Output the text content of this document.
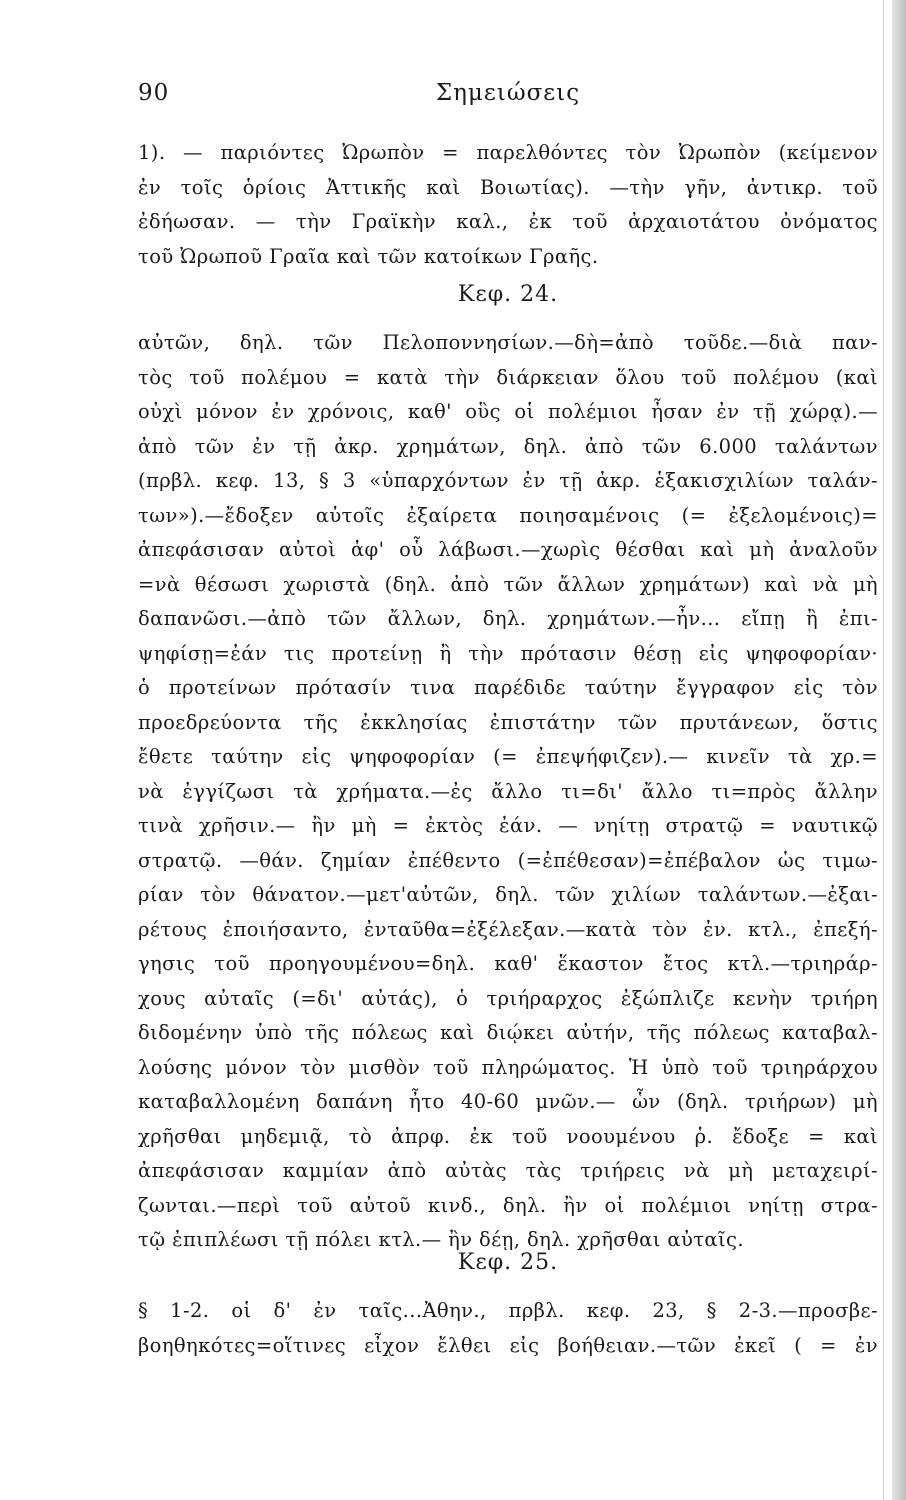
90	Σημειώσεις
1). — παριόντες Ὠρωπὸν = παρελθόντες τὸν Ὠρωπὸν (κείμενον
ἐν τοῖς ὁρίοις Ἀττικῆς καὶ Βοιωτίας). —τὴν γῆν, ἀντικρ. τοῦ
ἐδήωσαν. — τὴν Γραϊκὴν καλ., ἐκ τοῦ ἀρχαιοτάτου ὀνόματος
τοῦ Ὠρωποῦ Γραῖα καὶ τῶν κατοίκων Γραῆς.
Κεφ. 24.
αὐτῶν, δηλ. τῶν Πελοποννησίων.—δὴ=ἀπὸ τοῦδε.—διὰ παν-
τὸς τοῦ πολέμου = κατὰ τὴν διάρκειαν ὅλου τοῦ πολέμου (καὶ
οὐχὶ μόνον ἐν χρόνοις, καθ' οὓς οἱ πολέμιοι ἦσαν ἐν τῇ χώρᾳ).—
ἀπὸ τῶν ἐν τῇ ἀκρ. χρημάτων, δηλ. ἀπὸ τῶν 6.000 ταλάντων
(πρβλ. κεφ. 13, § 3 «ὑπαρχόντων ἐν τῇ ἀκρ. ἑξακισχιλίων ταλάν-
των»).—ἔδοξεν αὐτοῖς ἐξαίρετα ποιησαμένοις (= ἐξελομένοις)=
ἀπεφάσισαν αὐτοὶ ἀφ' οὗ λάβωσι.—χωρὶς θέσθαι καὶ μὴ ἀναλοῦν
=νὰ θέσωσι χωριστὰ (δηλ. ἀπὸ τῶν ἄλλων χρημάτων) καὶ νὰ μὴ
δαπανῶσι.—ἀπὸ τῶν ἄλλων, δηλ. χρημάτων.—ἦν... εἴπῃ ἢ ἐπι-
ψηφίσῃ=ἐάν τις προτείνῃ ἢ τὴν πρότασιν θέσῃ εἰς ψηφοφορίαν·
ὁ προτείνων πρότασίν τινα παρέδιδε ταύτην ἔγγραφον εἰς τὸν
προεδρεύοντα τῆς ἐκκλησίας ἐπιστάτην τῶν πρυτάνεων, ὅστις
ἔθετε ταύτην εἰς ψηφοφορίαν (= ἐπεψήφιζεν).— κινεῖν τὰ χρ.=
νὰ ἐγγίζωσι τὰ χρήματα.—ἐς ἄλλο τι=δι' ἄλλο τι=πρὸς ἄλλην
τινὰ χρῆσιν.— ἢν μὴ = ἐκτὸς ἐάν. — νηίτῃ στρατῷ = ναυτικῷ
στρατῷ. —θάν. ζημίαν ἐπέθεντο (=ἐπέθεσαν)=ἐπέβαλον ὡς τιμω-
ρίαν τὸν θάνατον.—μετ'αὐτῶν, δηλ. τῶν χιλίων ταλάντων.—ἐξαι-
ρέτους ἐποιήσαντο, ἐνταῦθα=ἐξέλεξαν.—κατὰ τὸν ἐν. κτλ., ἐπεξή-
γησις τοῦ προηγουμένου=δηλ. καθ' ἕκαστον ἔτος κτλ.—τριηράρ-
χους αὐταῖς (=δι' αὐτάς), ὁ τριήραρχος ἐξώπλιζε κενὴν τριήρη
διδομένην ὑπὸ τῆς πόλεως καὶ διῴκει αὐτήν, τῆς πόλεως καταβαλ-
λούσης μόνον τὸν μισθὸν τοῦ πληρώματος. Ἡ ὑπὸ τοῦ τριηράρχου
καταβαλλομένη δαπάνη ἦτο 40-60 μνῶν.— ὧν (δηλ. τριήρων) μὴ
χρῆσθαι μηδεμιᾷ, τὸ ἀπρφ. ἐκ τοῦ νοουμένου ῥ. ἔδοξε = καὶ
ἀπεφάσισαν καμμίαν ἀπὸ αὐτὰς τὰς τριήρεις νὰ μὴ μεταχειρί-
ζωνται.—περὶ τοῦ αὐτοῦ κινδ., δηλ. ἢν οἱ πολέμιοι νηίτῃ στρα-
τῷ ἐπιπλέωσι τῇ πόλει κτλ.— ἢν δέῃ, δηλ. χρῆσθαι αὐταῖς.
Κεφ. 25.
§ 1-2. οἱ δ' ἐν ταῖς...Ἀθην., πρβλ. κεφ. 23, § 2-3.—προσβε-
βοηθηκότες=οἵτινες εἶχον ἔλθει εἰς βοήθειαν.—τῶν ἐκεῖ ( = ἐν
